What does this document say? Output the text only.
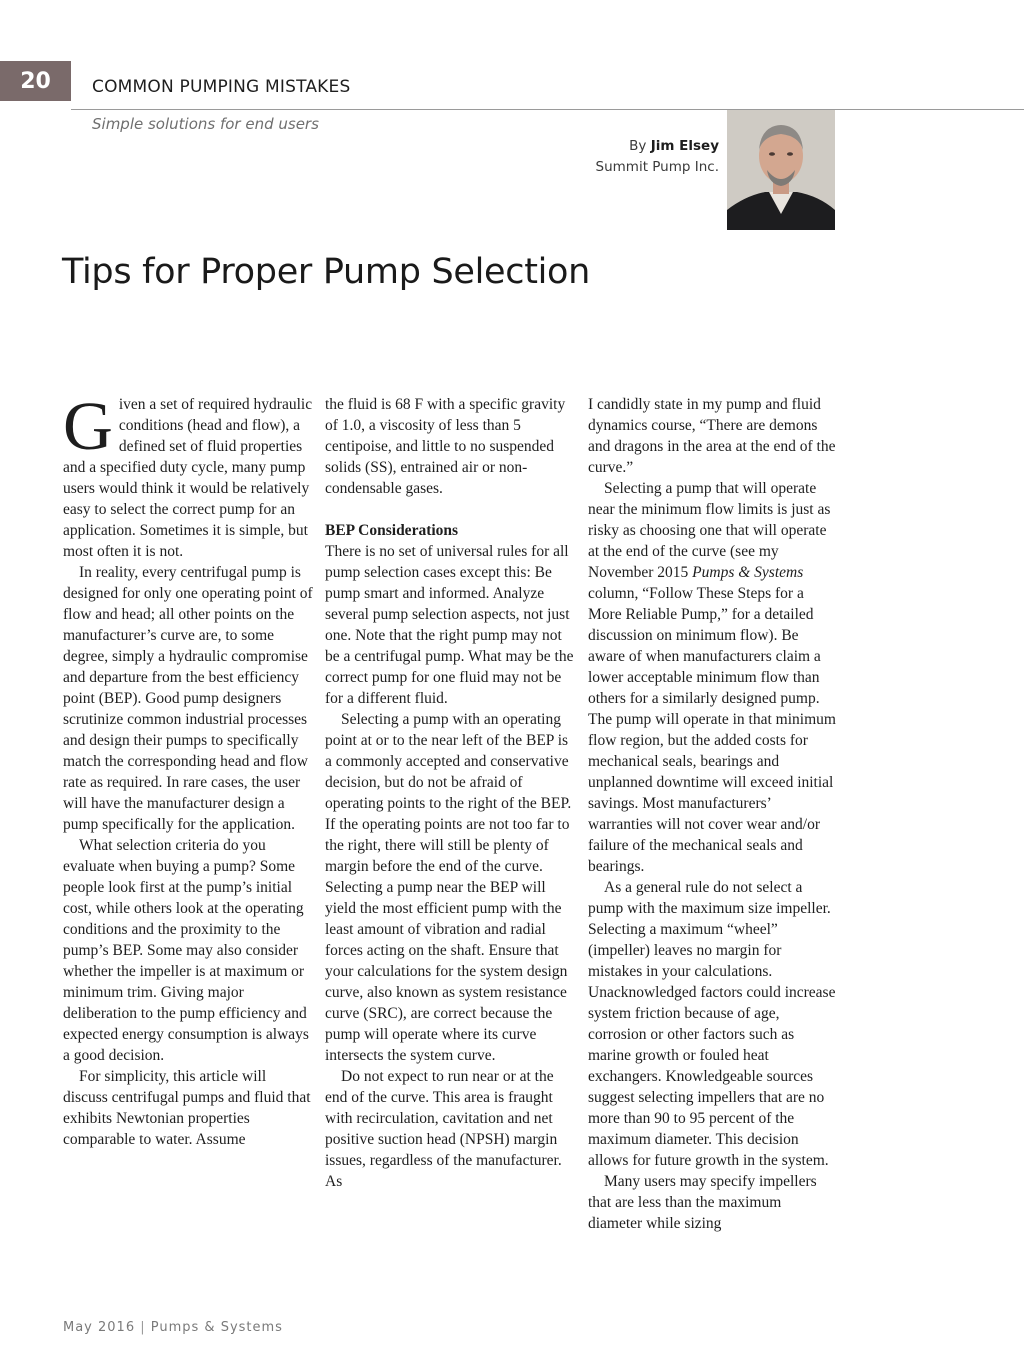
20	COMMON PUMPING MISTAKES
Simple solutions for end users
By Jim Elsey
Summit Pump Inc.
Tips for Proper Pump Selection

Given a set of required hydraulic conditions (head and flow), a defined set of fluid properties and a specified duty cycle, many pump users would think it would be relatively easy to select the correct pump for an application. Sometimes it is simple, but most often it is not.

In reality, every centrifugal pump is designed for only one operating point of flow and head; all other points on the manufacturer’s curve are, to some degree, simply a hydraulic compromise and departure from the best efficiency point (BEP). Good pump designers scrutinize common industrial processes and design their pumps to specifically match the corresponding head and flow rate as required. In rare cases, the user will have the manufacturer design a pump specifically for the application.

What selection criteria do you evaluate when buying a pump? Some people look first at the pump’s initial cost, while others look at the operating conditions and the proximity to the pump’s BEP. Some may also consider whether the impeller is at maximum or minimum trim. Giving major deliberation to the pump efficiency and expected energy consumption is always a good decision.

For simplicity, this article will discuss centrifugal pumps and fluid that exhibits Newtonian properties comparable to water. Assume

the fluid is 68 F with a specific gravity of 1.0, a viscosity of less than 5 centipoise, and little to no suspended solids (SS), entrained air or non-condensable gases.

BEP Considerations

There is no set of universal rules for all pump selection cases except this: Be pump smart and informed. Analyze several pump selection aspects, not just one. Note that the right pump may not be a centrifugal pump. What may be the correct pump for one fluid may not be for a different fluid.

Selecting a pump with an operating point at or to the near left of the BEP is a commonly accepted and conservative decision, but do not be afraid of operating points to the right of the BEP. If the operating points are not too far to the right, there will still be plenty of margin before the end of the curve. Selecting a pump near the BEP will yield the most efficient pump with the least amount of vibration and radial forces acting on the shaft. Ensure that your calculations for the system design curve, also known as system resistance curve (SRC), are correct because the pump will operate where its curve intersects the system curve.

Do not expect to run near or at the end of the curve. This area is fraught with recirculation, cavitation and net positive suction head (NPSH) margin issues, regardless of the manufacturer. As

I candidly state in my pump and fluid dynamics course, “There are demons and dragons in the area at the end of the curve.”

Selecting a pump that will operate near the minimum flow limits is just as risky as choosing one that will operate at the end of the curve (see my November 2015 Pumps & Systems column, “Follow These Steps for a More Reliable Pump,” for a detailed discussion on minimum flow). Be aware of when manufacturers claim a lower acceptable minimum flow than others for a similarly designed pump. The pump will operate in that minimum flow region, but the added costs for mechanical seals, bearings and unplanned downtime will exceed initial savings. Most manufacturers’ warranties will not cover wear and/or failure of the mechanical seals and bearings.

As a general rule do not select a pump with the maximum size impeller. Selecting a maximum “wheel” (impeller) leaves no margin for mistakes in your calculations. Unacknowledged factors could increase system friction because of age, corrosion or other factors such as marine growth or fouled heat exchangers. Knowledgeable sources suggest selecting impellers that are no more than 90 to 95 percent of the maximum diameter. This decision allows for future growth in the system.

Many users may specify impellers that are less than the maximum diameter while sizing

May 2016 | Pumps & Systems
